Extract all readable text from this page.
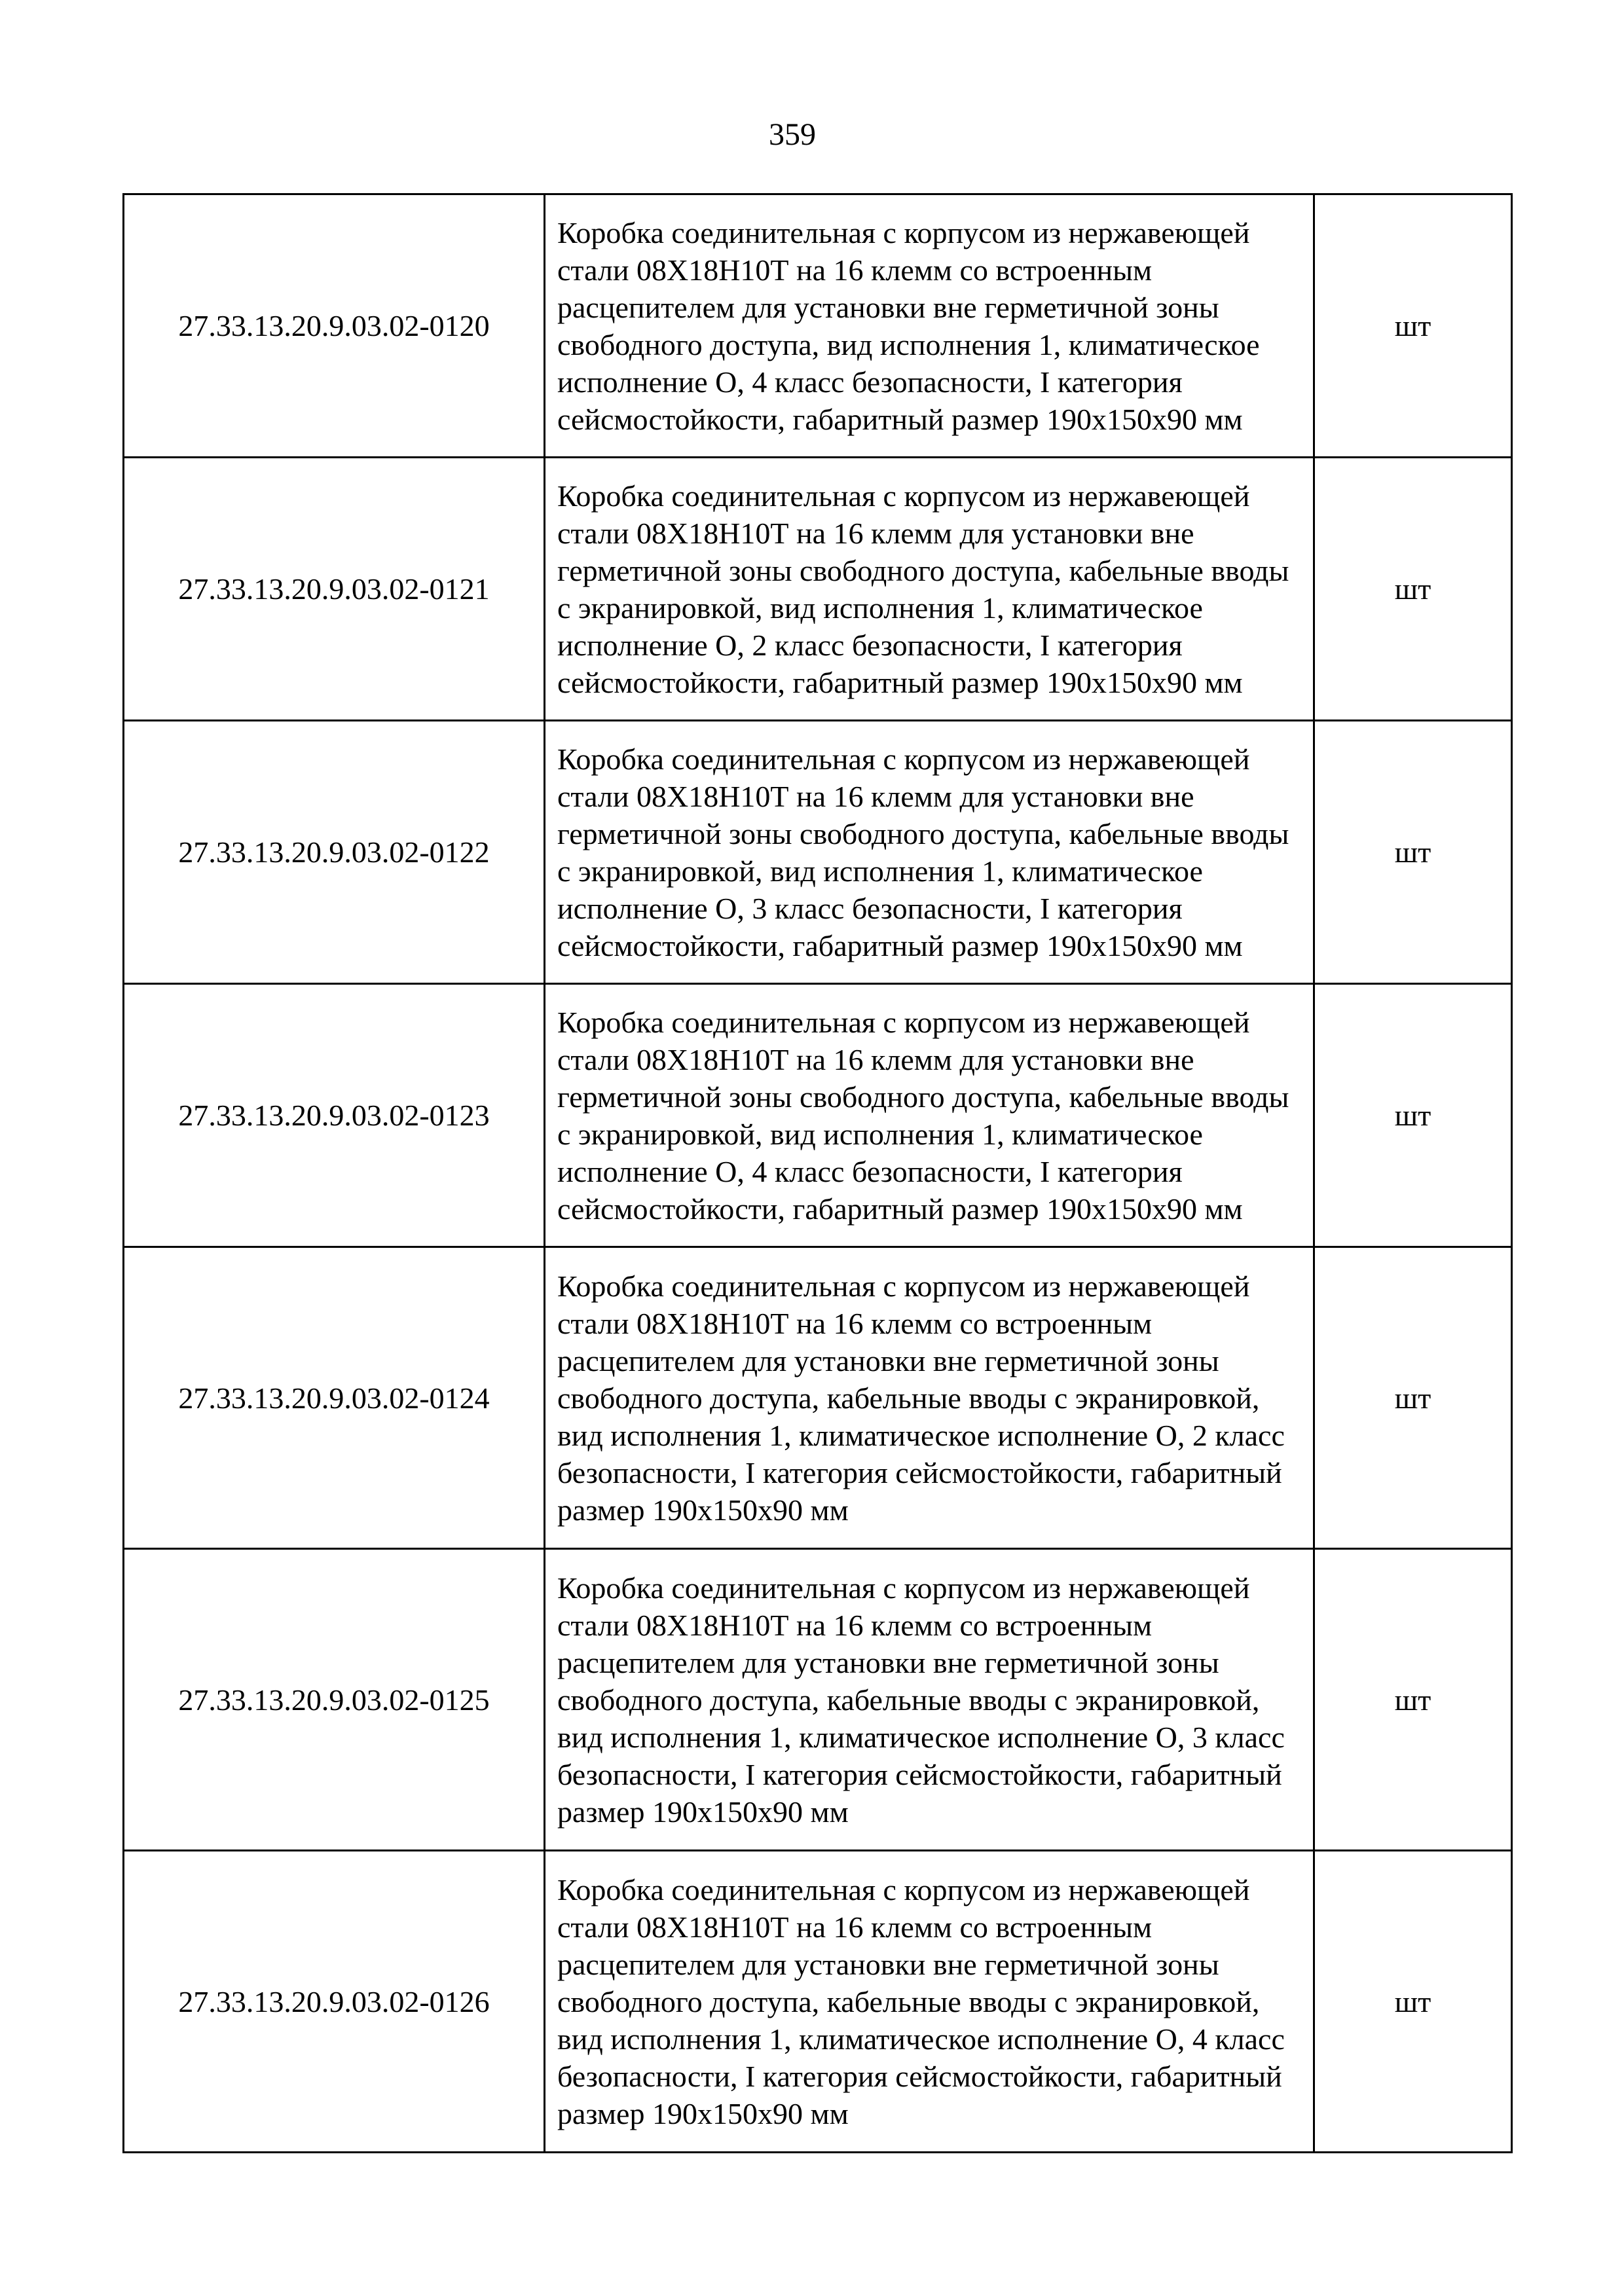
359
27.33.13.20.9.03.02-0120	Коробка соединительная с корпусом из нержавеющей стали 08Х18Н10Т на 16 клемм со встроенным расцепителем для установки вне герметичной зоны свободного доступа, вид исполнения 1, климатическое исполнение О, 4 класс безопасности, I категория сейсмостойкости, габаритный размер 190х150х90 мм	шт
27.33.13.20.9.03.02-0121	Коробка соединительная с корпусом из нержавеющей стали 08Х18Н10Т на 16 клемм для установки вне герметичной зоны свободного доступа, кабельные вводы с экранировкой, вид исполнения 1, климатическое исполнение О, 2 класс безопасности, I категория сейсмостойкости, габаритный размер 190х150х90 мм	шт
27.33.13.20.9.03.02-0122	Коробка соединительная с корпусом из нержавеющей стали 08Х18Н10Т на 16 клемм для установки вне герметичной зоны свободного доступа, кабельные вводы с экранировкой, вид исполнения 1, климатическое исполнение О, 3 класс безопасности, I категория сейсмостойкости, габаритный размер 190х150х90 мм	шт
27.33.13.20.9.03.02-0123	Коробка соединительная с корпусом из нержавеющей стали 08Х18Н10Т на 16 клемм для установки вне герметичной зоны свободного доступа, кабельные вводы с экранировкой, вид исполнения 1, климатическое исполнение О, 4 класс безопасности, I категория сейсмостойкости, габаритный размер 190х150х90 мм	шт
27.33.13.20.9.03.02-0124	Коробка соединительная с корпусом из нержавеющей стали 08Х18Н10Т на 16 клемм со встроенным расцепителем для установки вне герметичной зоны свободного доступа, кабельные вводы с экранировкой, вид исполнения 1, климатическое исполнение О, 2 класс безопасности, I категория сейсмостойкости, габаритный размер 190х150х90 мм	шт
27.33.13.20.9.03.02-0125	Коробка соединительная с корпусом из нержавеющей стали 08Х18Н10Т на 16 клемм со встроенным расцепителем для установки вне герметичной зоны свободного доступа, кабельные вводы с экранировкой, вид исполнения 1, климатическое исполнение О, 3 класс безопасности, I категория сейсмостойкости, габаритный размер 190х150х90 мм	шт
27.33.13.20.9.03.02-0126	Коробка соединительная с корпусом из нержавеющей стали 08Х18Н10Т на 16 клемм со встроенным расцепителем для установки вне герметичной зоны свободного доступа, кабельные вводы с экранировкой, вид исполнения 1, климатическое исполнение О, 4 класс безопасности, I категория сейсмостойкости, габаритный размер 190х150х90 мм	шт
